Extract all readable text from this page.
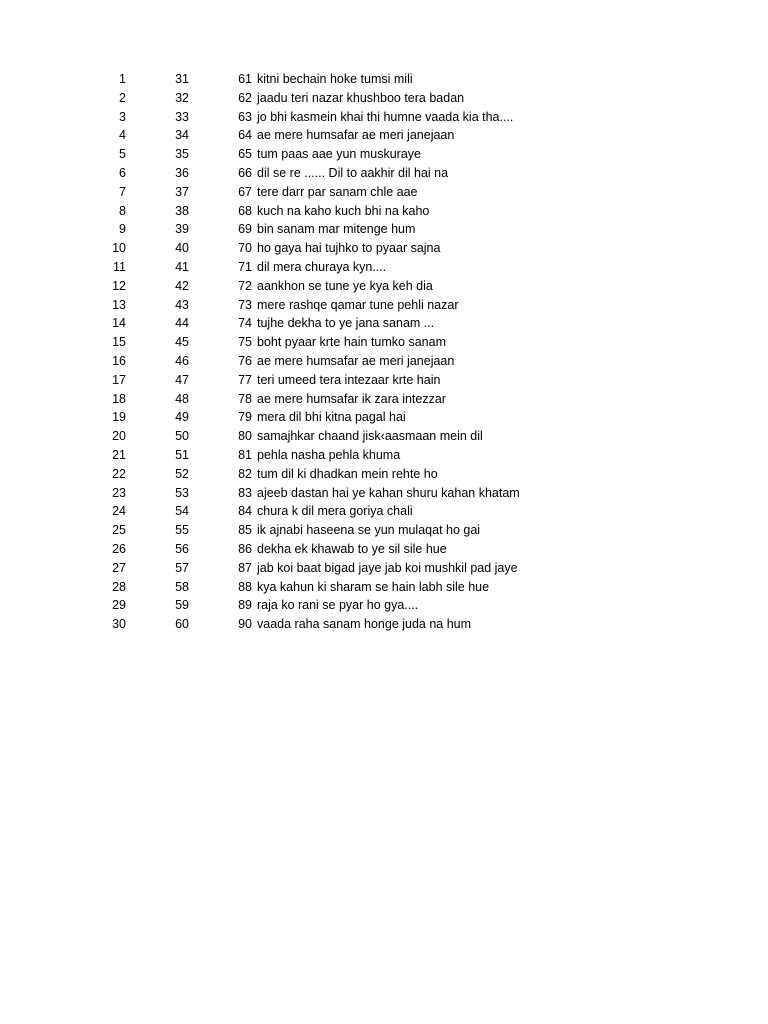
1	31	61 kitni bechain hoke tumsi mili
2	32	62 jaadu teri nazar khushboo tera badan
3	33	63 jo bhi kasmein khai thi humne vaada kia tha....
4	34	64 ae mere humsafar ae meri janejaan
5	35	65 tum paas aae yun muskuraye
6	36	66 dil se re ...... Dil to aakhir dil hai na
7	37	67 tere darr par sanam chle aae
8	38	68 kuch na kaho kuch bhi na kaho
9	39	69 bin sanam mar mitenge hum
10	40	70 ho gaya hai tujhko to pyaar sajna
11	41	71 dil mera churaya kyn....
12	42	72 aankhon se tune ye kya keh dia
13	43	73 mere rashqe qamar tune pehli nazar
14	44	74 tujhe dekha to ye jana sanam ...
15	45	75 boht pyaar krte hain tumko sanam
16	46	76 ae mere humsafar ae meri janejaan
17	47	77 teri umeed tera intezaar krte hain
18	48	78 ae mere humsafar ik zara intezzar
19	49	79 mera dil bhi kitna pagal hai
20	50	80 samajhkar chaand jisk‹aasmaan mein dil
21	51	81 pehla nasha pehla khuma
22	52	82 tum dil ki dhadkan mein rehte ho
23	53	83 ajeeb dastan hai ye kahan shuru kahan khatam
24	54	84 chura k dil mera goriya chali
25	55	85 ik ajnabi haseena se yun mulaqat ho gai
26	56	86 dekha ek khawab to ye sil sile hue
27	57	87 jab koi baat bigad jaye jab koi mushkil pad jaye
28	58	88 kya kahun ki sharam se hain labh sile hue
29	59	89 raja ko rani se pyar ho gya....
30	60	90 vaada raha sanam honge juda na hum
